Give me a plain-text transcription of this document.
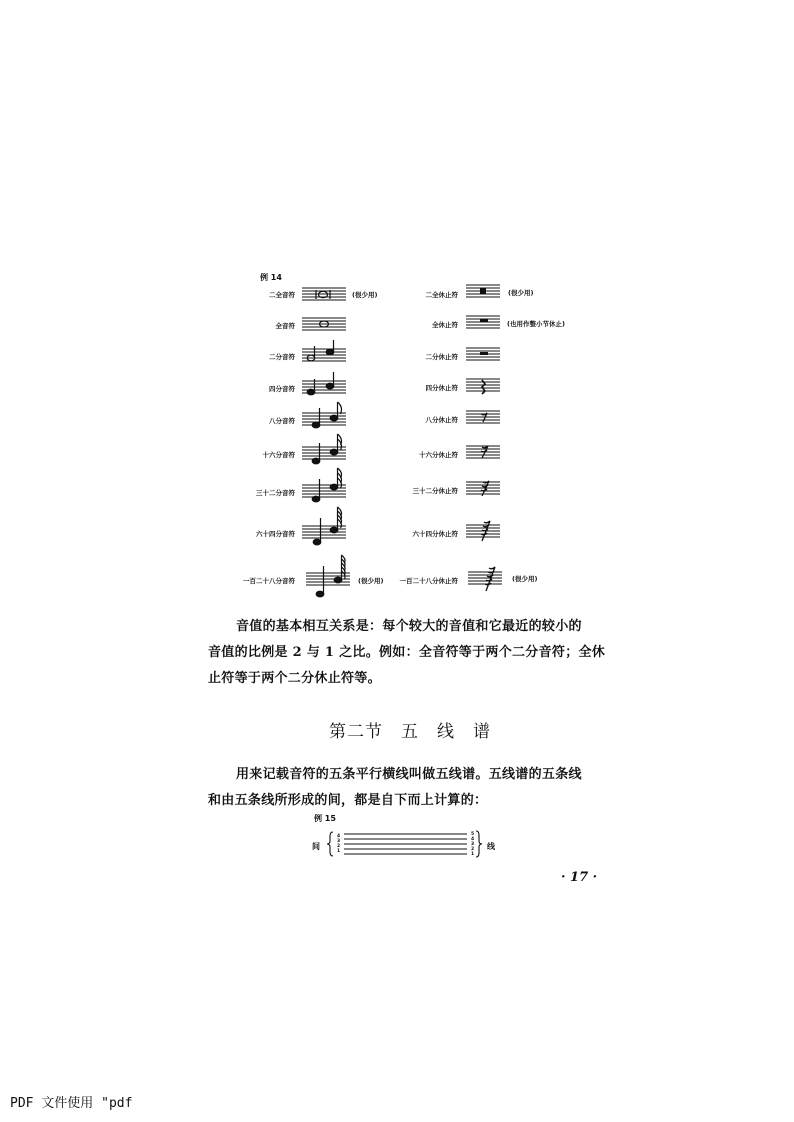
例 14
二全音符
全音符
二分音符
四分音符
八分音符
十六分音符
三十二分音符
六十四分音符
一百二十八分音符
(很少用)
(很少用)
二全休止符
全休止符
二分休止符
四分休止符
八分休止符
十六分休止符
三十二分休止符
六十四分休止符
一百二十八分休止符
(很少用)
(也用作整小节休止)
(很少用)
音值的基本相互关系是：每个较大的音值和它最近的较小的
音值的比例是 2 与 1 之比。例如：全音符等于两个二分音符；全休
止符等于两个二分休止符等。
第二节　五　线　谱
用来记载音符的五条平行横线叫做五线谱。五线谱的五条线
和由五条线所形成的间，都是自下而上计算的：
例 15
间	线
4
3
2
1
5
4
3
2
1
· 17 ·
PDF 文件使用 "pdf
